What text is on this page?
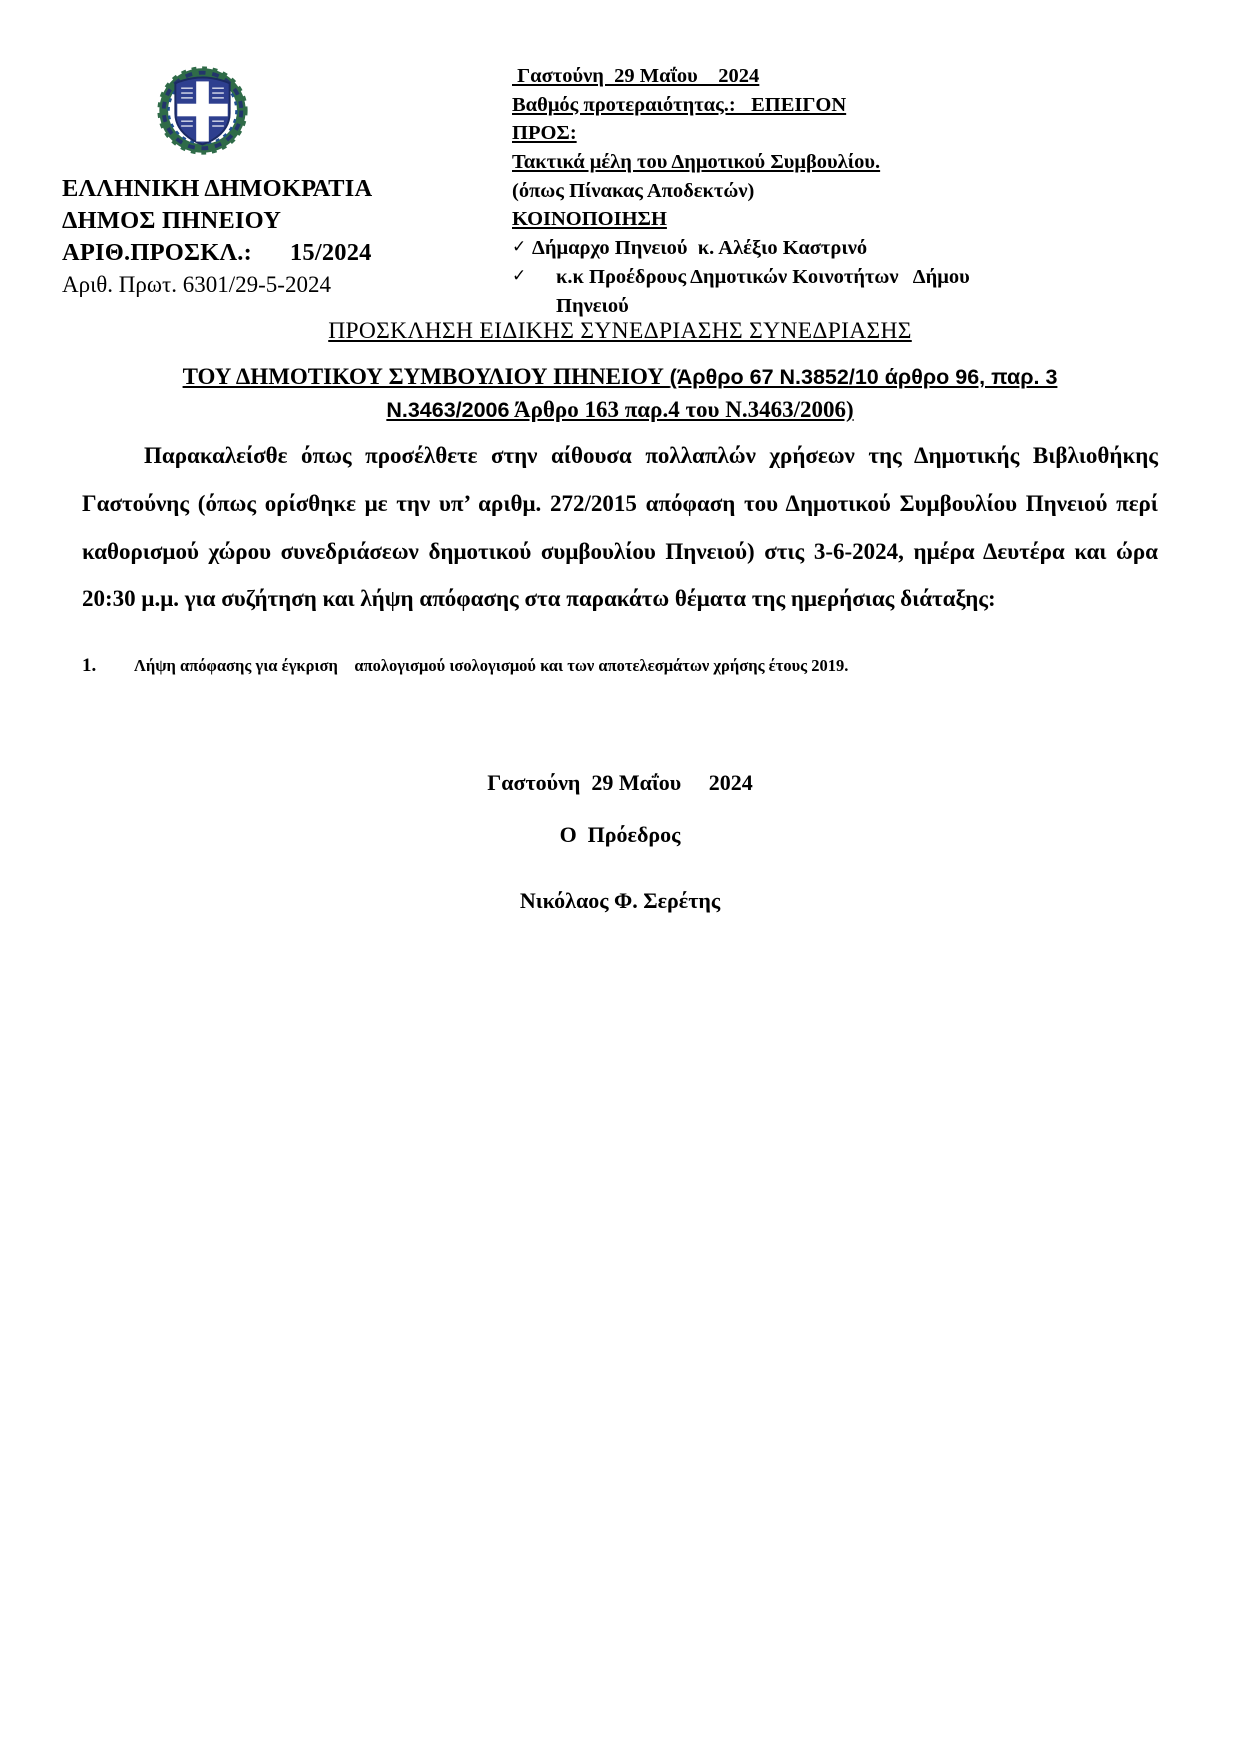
ΕΛΛΗΝΙΚΗ ΔΗΜΟΚΡΑΤΙΑ
ΔΗΜΟΣ ΠΗΝΕΙΟΥ
ΑΡΙΘ.ΠΡΟΣΚΛ.:      15/2024
Αριθ. Πρωτ. 6301/29-5-2024
Γαστούνη  29 Μαΐου    2024
Βαθμός προτεραιότητας.:   ΕΠΕΙΓΟΝ
ΠΡΟΣ:
Τακτικά μέλη του Δημοτικού Συμβουλίου.
(όπως Πίνακας Αποδεκτών)
ΚΟΙΝΟΠΟΙΗΣΗ
✓ Δήμαρχο Πηνειού  κ. Αλέξιο Καστρινό
✓	κ.κ Προέδρους Δημοτικών Κοινοτήτων   Δήμου
Πηνειού
ΠΡΟΣΚΛΗΣΗ ΕΙΔΙΚΗΣ ΣΥΝΕΔΡΙΑΣΗΣ ΣΥΝΕΔΡΙΑΣΗΣ
ΤΟΥ ΔΗΜΟΤΙΚΟΥ ΣΥΜΒΟΥΛΙΟΥ ΠΗΝΕΙΟΥ (Άρθρο 67 Ν.3852/10 άρθρο 96, παρ. 3 Ν.3463/2006 Άρθρο 163 παρ.4 του Ν.3463/2006)
Παρακαλείσθε όπως προσέλθετε στην αίθουσα πολλαπλών χρήσεων της Δημοτικής Βιβλιοθήκης Γαστούνης (όπως ορίσθηκε με την υπ’ αριθμ. 272/2015 απόφαση του Δημοτικού Συμβουλίου Πηνειού περί καθορισμού χώρου συνεδριάσεων δημοτικού συμβουλίου Πηνειού) στις 3-6-2024, ημέρα Δευτέρα και ώρα 20:30 μ.μ. για συζήτηση και λήψη απόφασης στα παρακάτω θέματα της ημερήσιας διάταξης:
1.	Λήψη απόφασης για έγκριση    απολογισμού ισολογισμού και των αποτελεσμάτων χρήσης έτους 2019.
Γαστούνη  29 Μαΐου     2024
Ο  Πρόεδρος
Νικόλαος Φ. Σερέτης
